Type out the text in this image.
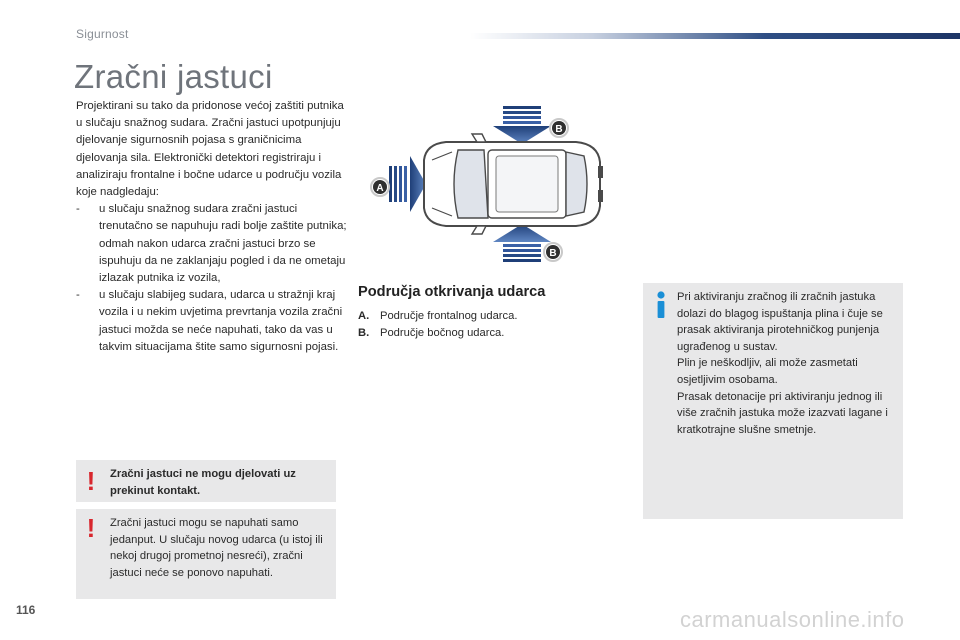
Sigurnost
Zračni jastuci

Projektirani su tako da pridonose većoj zaštiti putnika u slučaju snažnog sudara. Zračni jastuci upotpunjuju djelovanje sigurnosnih pojasa s graničnicima djelovanja sila. Elektronički detektori registriraju i analiziraju frontalne i bočne udarce u području vozila koje nadgledaju:

- u slučaju snažnog sudara zračni jastuci trenutačno se napuhuju radi bolje zaštite putnika; odmah nakon udarca zračni jastuci brzo se ispuhuju da ne zaklanjaju pogled i da ne ometaju izlazak putnika iz vozila,
- u slučaju slabijeg sudara, udarca u stražnji kraj vozila i u nekim uvjetima prevrtanja vozila zračni jastuci možda se neće napuhati, tako da vas u takvim situacijama štite samo sigurnosni pojasi.
!	Zračni jastuci ne mogu djelovati uz prekinut kontakt.
!	Zračni jastuci mogu se napuhati samo jedanput. U slučaju novog udarca (u istoj ili nekoj drugoj prometnoj nesreći), zračni jastuci neće se ponovo napuhati.
A
B
B
Područja otkrivanja udarca
A. Područje frontalnog udarca.
B. Područje bočnog udarca.

Pri aktiviranju zračnog ili zračnih jastuka dolazi do blagog ispuštanja plina i čuje se prasak aktiviranja pirotehničkog punjenja ugrađenog u sustav.

Plin je neškodljiv, ali može zasmetati osjetljivim osobama.

Prasak detonacije pri aktiviranju jednog ili više zračnih jastuka može izazvati lagane i kratkotrajne slušne smetnje.

116	carmanualsonline.info
